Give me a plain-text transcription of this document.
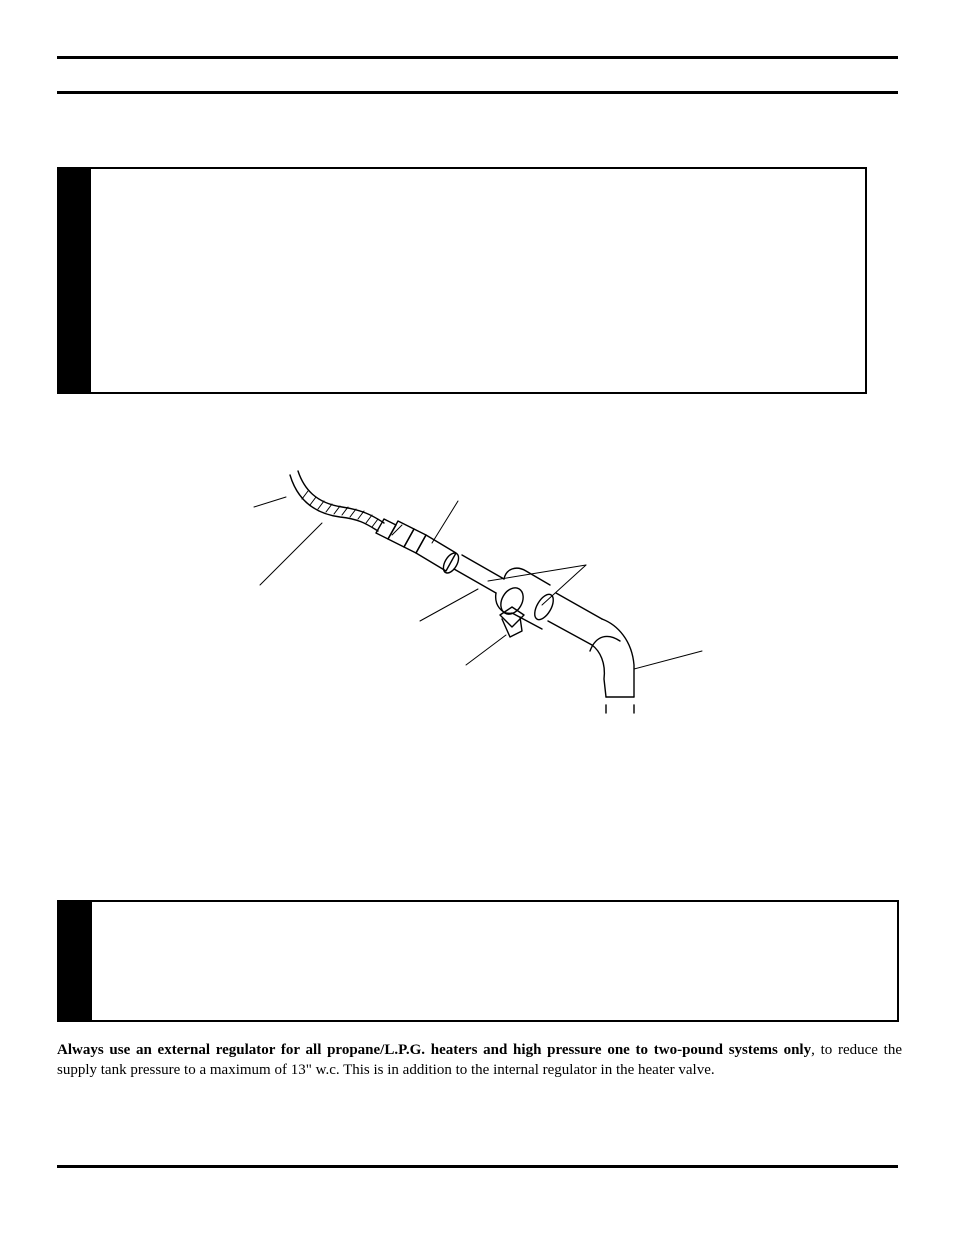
Always use an external regulator for all propane/L.P.G. heaters and high pressure one to two-pound systems only, to reduce the supply tank pressure to a maximum of 13" w.c. This is in addition to the internal regulator in the heater valve.
